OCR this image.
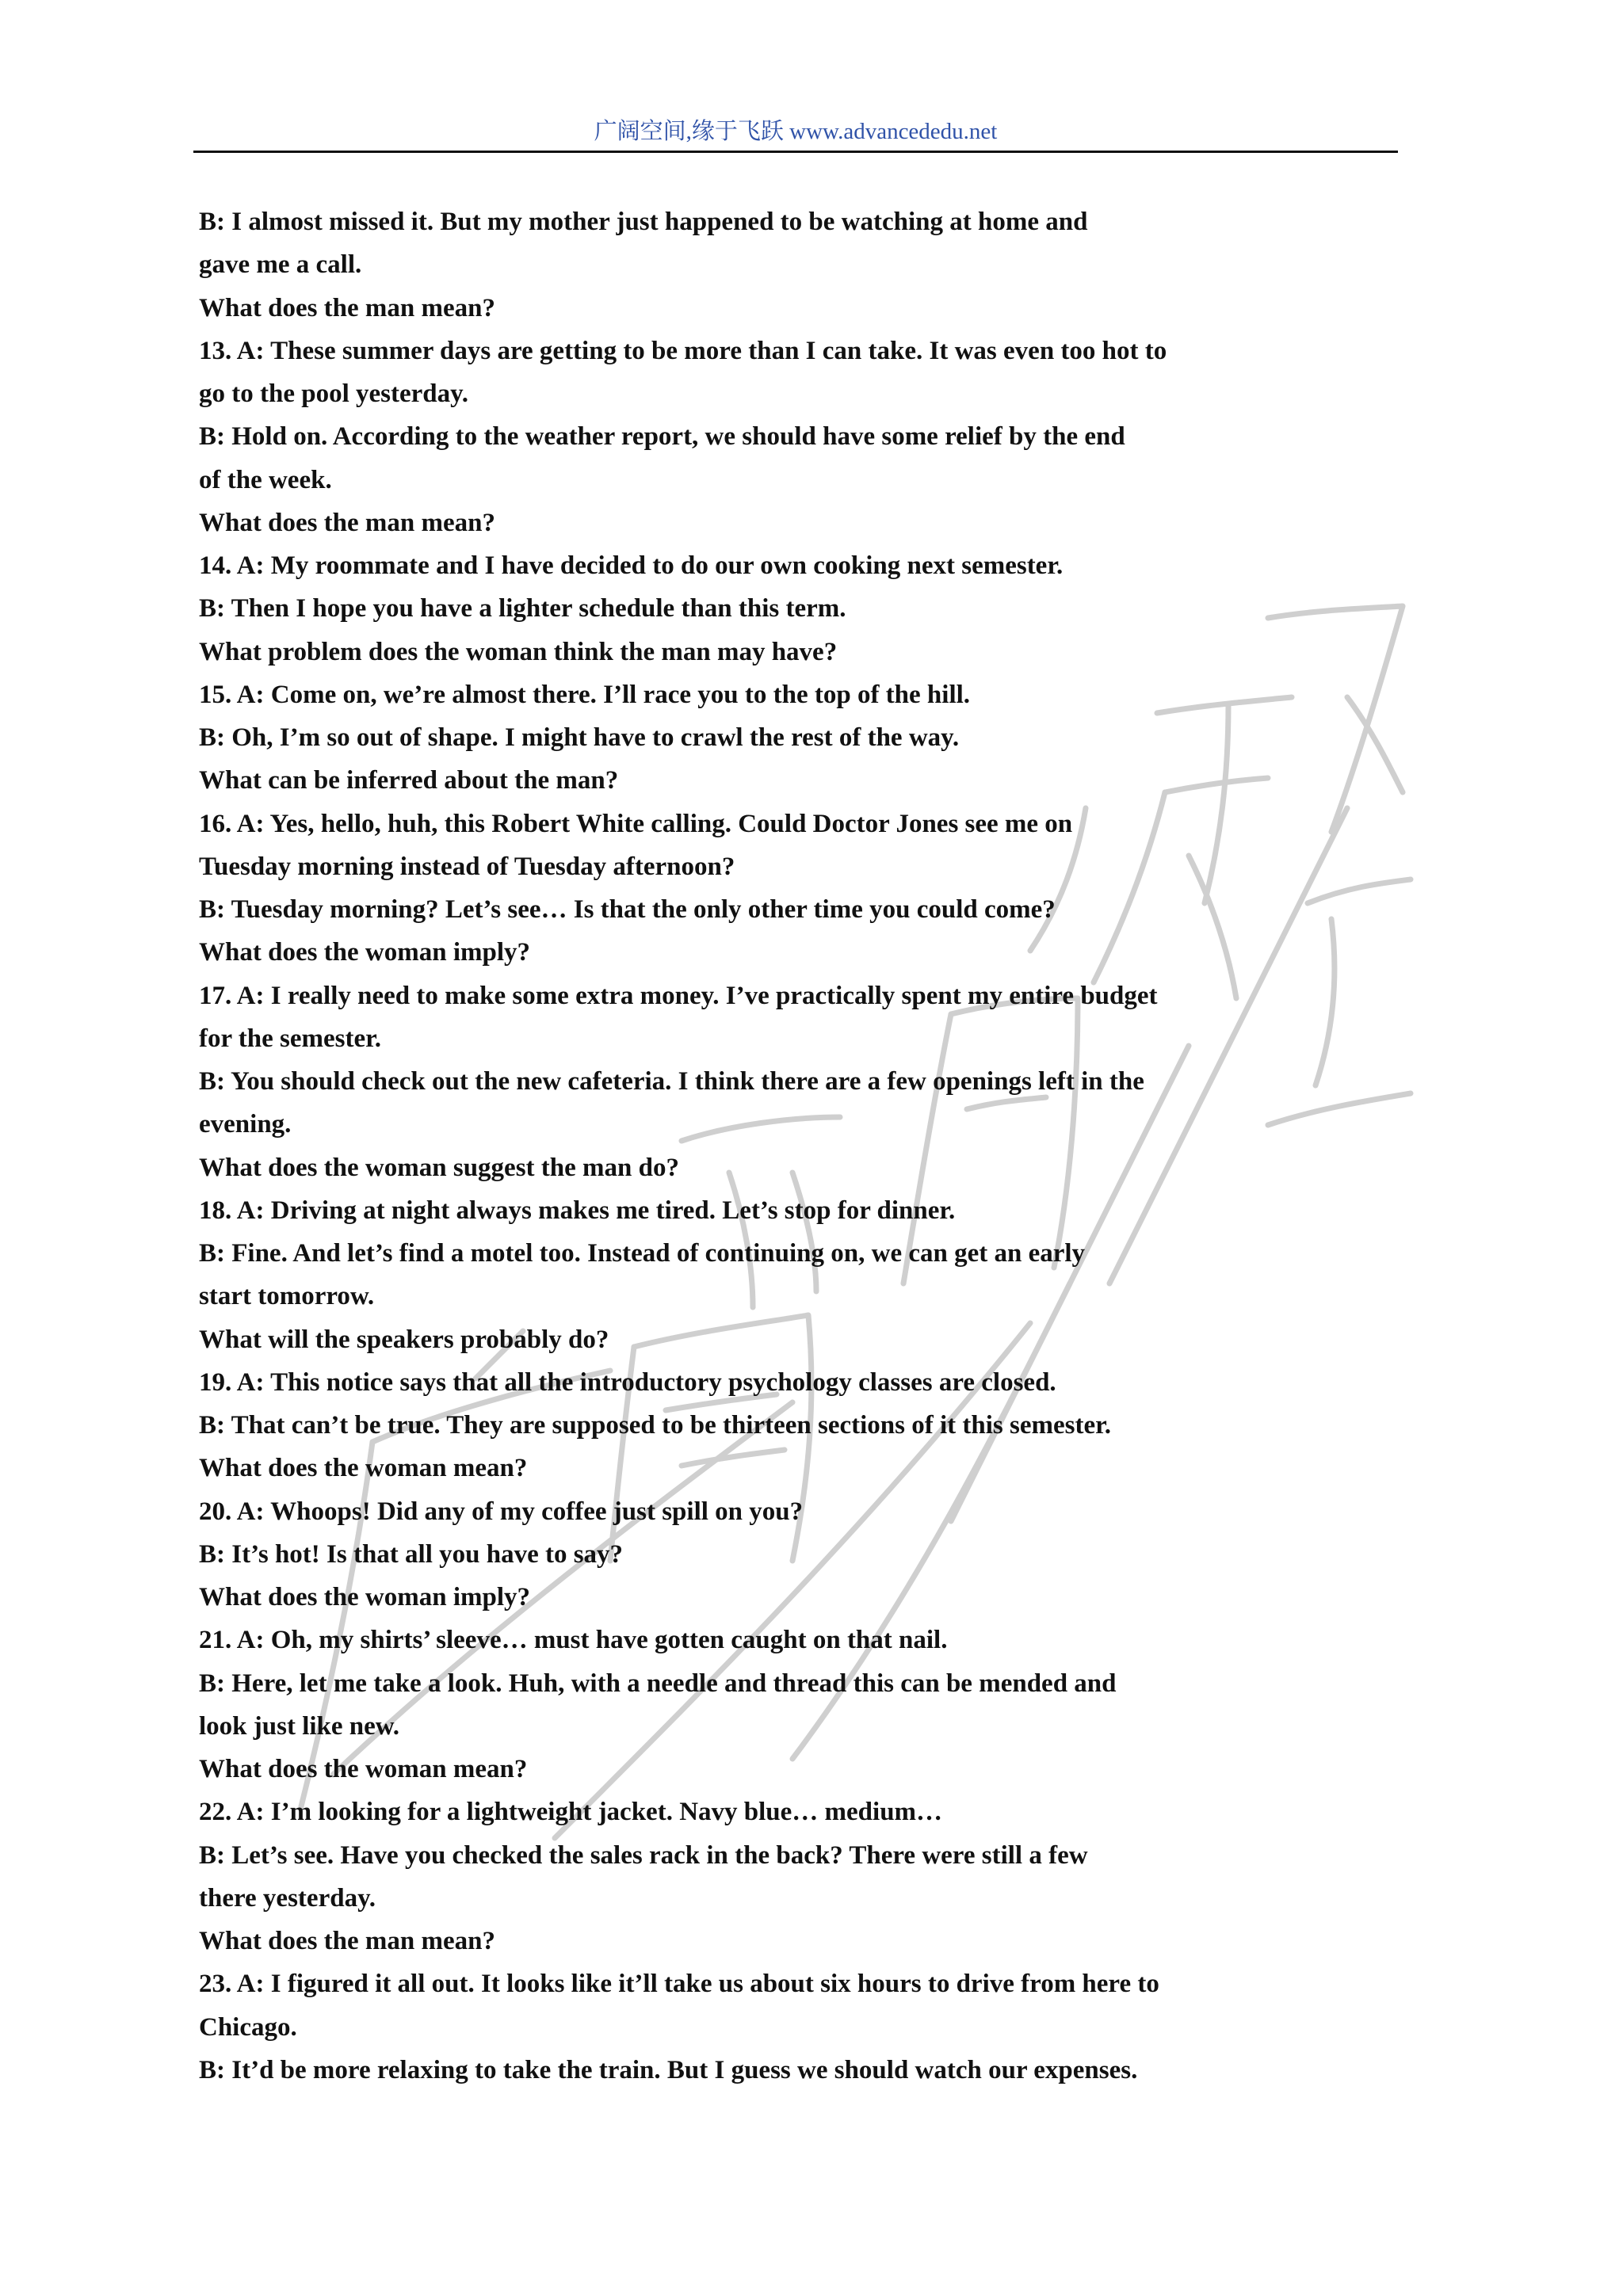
广阔空间,缘于飞跃 www.advancededu.net
B: I almost missed it. But my mother just happened to be watching at home and
gave me a call.
What does the man mean?
13. A: These summer days are getting to be more than I can take. It was even too hot to
go to the pool yesterday.
B: Hold on. According to the weather report, we should have some relief by the end
of the week.
What does the man mean?
14. A: My roommate and I have decided to do our own cooking next semester.
B: Then I hope you have a lighter schedule than this term.
What problem does the woman think the man may have?
15. A: Come on, we’re almost there. I’ll race you to the top of the hill.
B: Oh, I’m so out of shape. I might have to crawl the rest of the way.
What can be inferred about the man?
16. A: Yes, hello, huh, this Robert White calling. Could Doctor Jones see me on
Tuesday morning instead of Tuesday afternoon?
B: Tuesday morning? Let’s see… Is that the only other time you could come?
What does the woman imply?
17. A: I really need to make some extra money. I’ve practically spent my entire budget
for the semester.
B: You should check out the new cafeteria. I think there are a few openings left in the
evening.
What does the woman suggest the man do?
18. A: Driving at night always makes me tired. Let’s stop for dinner.
B: Fine. And let’s find a motel too. Instead of continuing on, we can get an early
start tomorrow.
What will the speakers probably do?
19. A: This notice says that all the introductory psychology classes are closed.
B: That can’t be true. They are supposed to be thirteen sections of it this semester.
What does the woman mean?
20. A: Whoops! Did any of my coffee just spill on you?
B: It’s hot! Is that all you have to say?
What does the woman imply?
21. A: Oh, my shirts’ sleeve… must have gotten caught on that nail.
B: Here, let me take a look. Huh, with a needle and thread this can be mended and
look just like new.
What does the woman mean?
22. A: I’m looking for a lightweight jacket. Navy blue… medium…
B: Let’s see. Have you checked the sales rack in the back? There were still a few
there yesterday.
What does the man mean?
23. A: I figured it all out. It looks like it’ll take us about six hours to drive from here to
Chicago.
B: It’d be more relaxing to take the train. But I guess we should watch our expenses.
